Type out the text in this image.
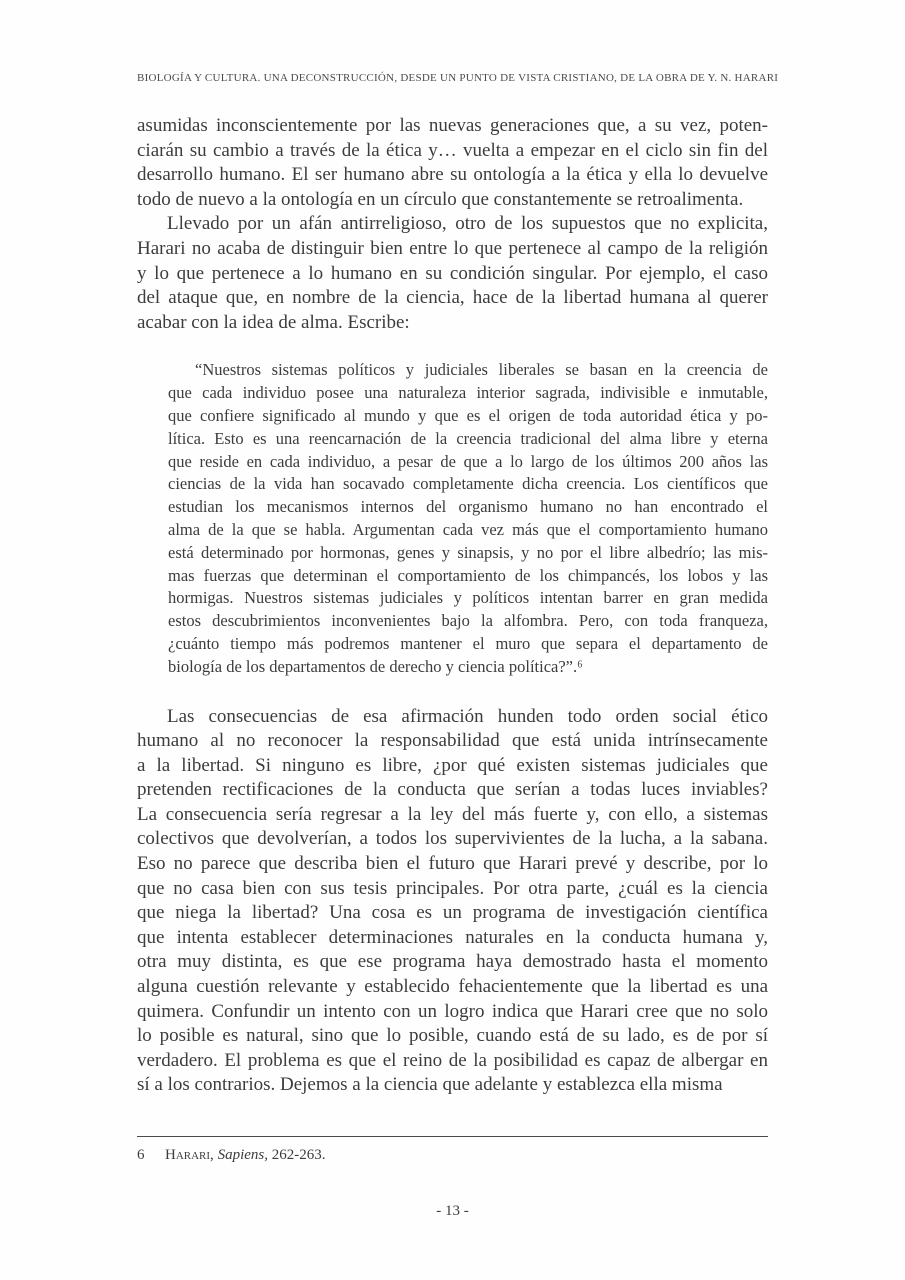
BIOLOGÍA Y CULTURA. UNA DECONSTRUCCIÓN, DESDE UN PUNTO DE VISTA CRISTIANO, DE LA OBRA DE Y. N. HARARI
asumidas inconscientemente por las nuevas generaciones que, a su vez, poten-
ciarán su cambio a través de la ética y… vuelta a empezar en el ciclo sin fin del
desarrollo humano. El ser humano abre su ontología a la ética y ella lo devuelve
todo de nuevo a la ontología en un círculo que constantemente se retroalimenta.
Llevado por un afán antirreligioso, otro de los supuestos que no explicita,
Harari no acaba de distinguir bien entre lo que pertenece al campo de la religión
y lo que pertenece a lo humano en su condición singular. Por ejemplo, el caso
del ataque que, en nombre de la ciencia, hace de la libertad humana al querer
acabar con la idea de alma. Escribe:
“Nuestros sistemas políticos y judiciales liberales se basan en la creencia de
que cada individuo posee una naturaleza interior sagrada, indivisible e inmutable,
que confiere significado al mundo y que es el origen de toda autoridad ética y po-
lítica. Esto es una reencarnación de la creencia tradicional del alma libre y eterna
que reside en cada individuo, a pesar de que a lo largo de los últimos 200 años las
ciencias de la vida han socavado completamente dicha creencia. Los científicos que
estudian los mecanismos internos del organismo humano no han encontrado el
alma de la que se habla. Argumentan cada vez más que el comportamiento humano
está determinado por hormonas, genes y sinapsis, y no por el libre albedrío; las mis-
mas fuerzas que determinan el comportamiento de los chimpancés, los lobos y las
hormigas. Nuestros sistemas judiciales y políticos intentan barrer en gran medida
estos descubrimientos inconvenientes bajo la alfombra. Pero, con toda franqueza,
¿cuánto tiempo más podremos mantener el muro que separa el departamento de
biología de los departamentos de derecho y ciencia política?”.⁶
Las consecuencias de esa afirmación hunden todo orden social ético
humano al no reconocer la responsabilidad que está unida intrínsecamente
a la libertad. Si ninguno es libre, ¿por qué existen sistemas judiciales que
pretenden rectificaciones de la conducta que serían a todas luces inviables?
La consecuencia sería regresar a la ley del más fuerte y, con ello, a sistemas
colectivos que devolverían, a todos los supervivientes de la lucha, a la sabana.
Eso no parece que describa bien el futuro que Harari prevé y describe, por lo
que no casa bien con sus tesis principales. Por otra parte, ¿cuál es la ciencia
que niega la libertad? Una cosa es un programa de investigación científica
que intenta establecer determinaciones naturales en la conducta humana y,
otra muy distinta, es que ese programa haya demostrado hasta el momento
alguna cuestión relevante y establecido fehacientemente que la libertad es una
quimera. Confundir un intento con un logro indica que Harari cree que no solo
lo posible es natural, sino que lo posible, cuando está de su lado, es de por sí
verdadero. El problema es que el reino de la posibilidad es capaz de albergar en
sí a los contrarios. Dejemos a la ciencia que adelante y establezca ella misma
6 Harari, Sapiens, 262-263.
- 13 -
